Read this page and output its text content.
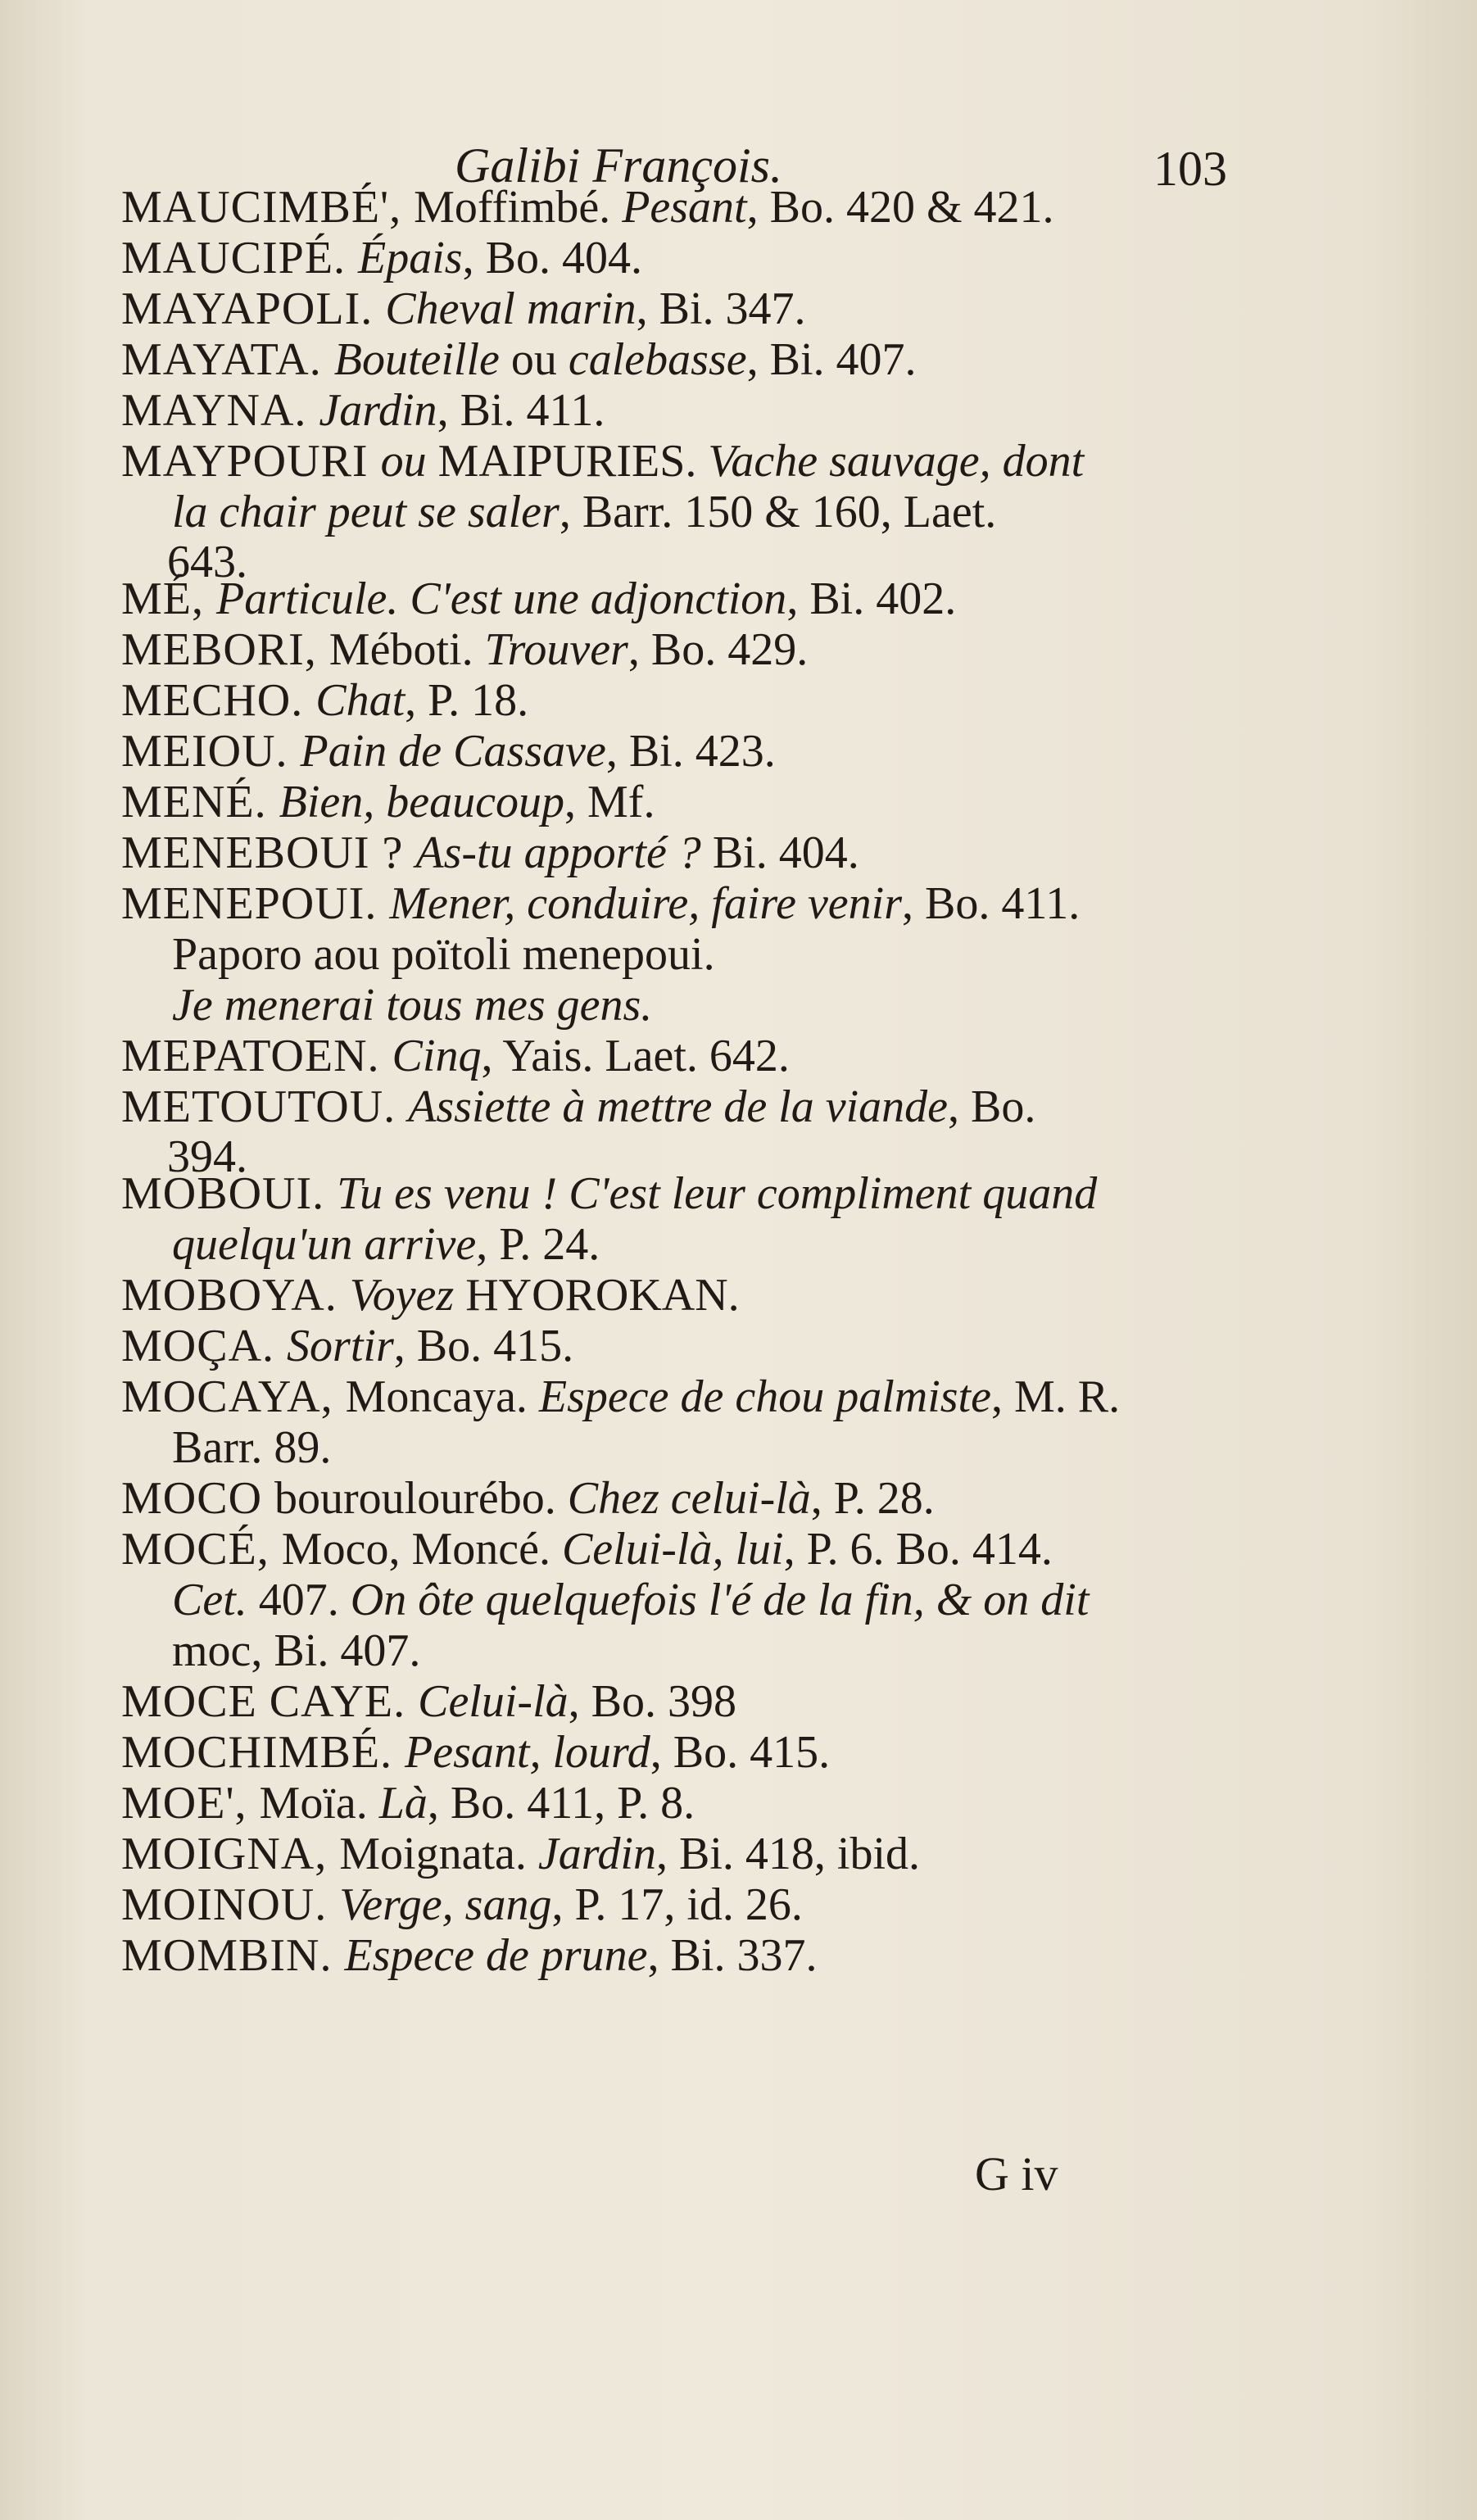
Galibi François.	103
MAUCIMBÉ', Moffimbé. Pesant, Bo. 420 & 421.
MAUCIPÉ. Épais, Bo. 404.
MAYAPOLI. Cheval marin, Bi. 347.
MAYATA. Bouteille ou calebasse, Bi. 407.
MAYNA. Jardin, Bi. 411.
MAYPOURI ou MAIPURIES. Vache sauvage, dont
la chair peut se saler, Barr. 150 & 160, Laet.
643.
MÉ, Particule. C'est une adjonction, Bi. 402.
MEBORI, Méboti. Trouver, Bo. 429.
MECHO. Chat, P. 18.
MEIOU. Pain de Cassave, Bi. 423.
MENÉ. Bien, beaucoup, Mf.
MENEBOUI ? As-tu apporté ? Bi. 404.
MENEPOUI. Mener, conduire, faire venir, Bo. 411.
Paporo aou poïtoli menepoui.
Je menerai tous mes gens.
MEPATOEN. Cinq, Yais. Laet. 642.
METOUTOU. Assiette à mettre de la viande, Bo.
394.
MOBOUI. Tu es venu ! C'est leur compliment quand
quelqu'un arrive, P. 24.
MOBOYA. Voyez HYOROKAN.
MOÇA. Sortir, Bo. 415.
MOCAYA, Moncaya. Espece de chou palmiste, M. R.
Barr. 89.
MOCO bouroulourébo. Chez celui-là, P. 28.
MOCÉ, Moco, Moncé. Celui-là, lui, P. 6. Bo. 414.
Cet. 407. On ôte quelquefois l'é de la fin, & on dit
moc, Bi. 407.
MOCE CAYE. Celui-là, Bo. 398
MOCHIMBÉ. Pesant, lourd, Bo. 415.
MOE', Moïa. Là, Bo. 411, P. 8.
MOIGNA, Moignata. Jardin, Bi. 418, ibid.
MOINOU. Verge, sang, P. 17, id. 26.
MOMBIN. Espece de prune, Bi. 337.
G iv
